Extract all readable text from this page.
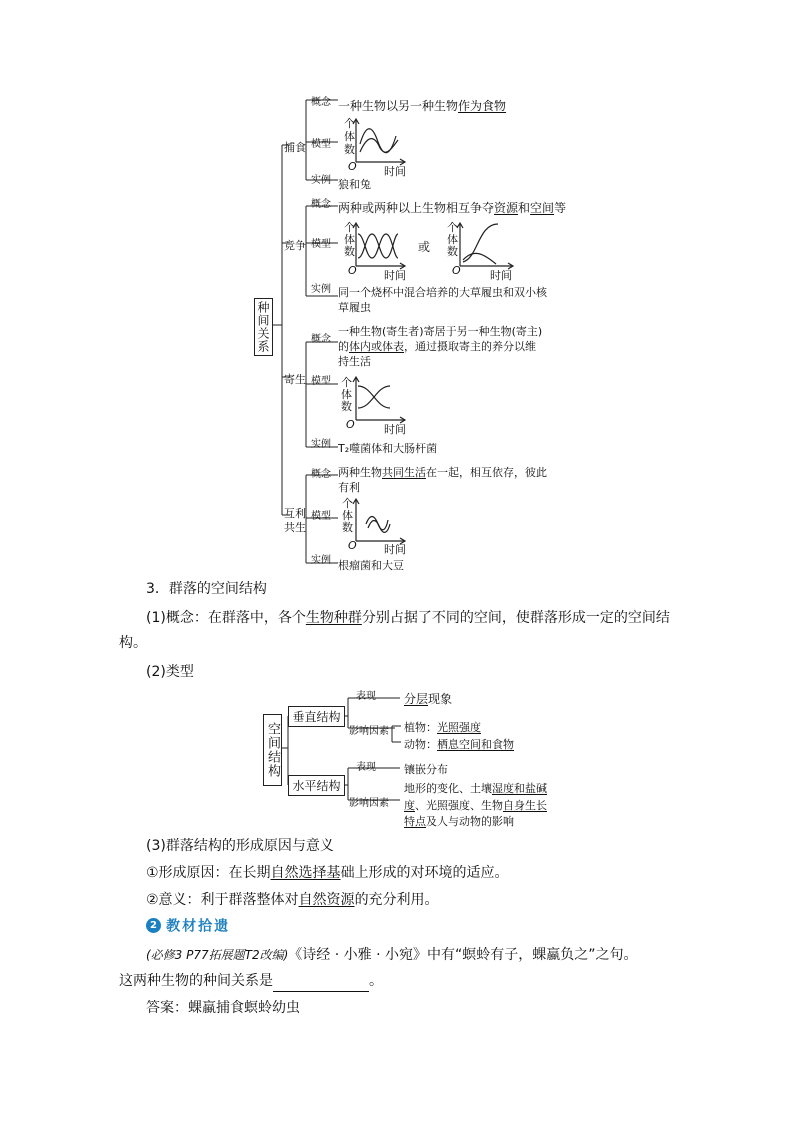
种间关系
捕食
竞争
寄生
互利
共生
概念
模型
实例
一种生物以另一种生物作为食物
狼和兔
概念
模型
实例
两种或两种以上生物相互争夺资源和空间等
或
同一个烧杯中混合培养的大草履虫和双小核
草履虫
概念
模型
实例
一种生物(寄生者)寄居于另一种生物(寄主)
的体内或体表，通过摄取寄主的养分以维
持生活
T₂噬菌体和大肠杆菌
概念
模型
实例
两种生物共同生活在一起，相互依存，彼此
有利
根瘤菌和大豆
个
体
数
O 时间
个
体
数
O 时间
个
体
数
O	时间
个
体
数
O	时间
个
体
数
O 时间
3．群落的空间结构
(1)概念：在群落中，各个生物种群分别占据了不同的空间，使群落形成一定的空间结
构。
(2)类型
空间结构
垂直结构
水平结构
表现 分层现象
影响因素 植物：光照强度
动物：栖息空间和食物
表现	镶嵌分布
影响因素
地形的变化、土壤湿度和盐碱
度、光照强度、生物自身生长
特点及人与动物的影响
(3)群落结构的形成原因与意义
①形成原因：在长期自然选择基础上形成的对环境的适应。
②意义：利于群落整体对自然资源的充分利用。
2 教材拾遗
(必修3 P77拓展题T2改编)《诗经 · 小雅 · 小宛》中有“螟蛉有子，蜾蠃负之”之句。
这两种生物的种间关系是	。
答案：蜾蠃捕食螟蛉幼虫
